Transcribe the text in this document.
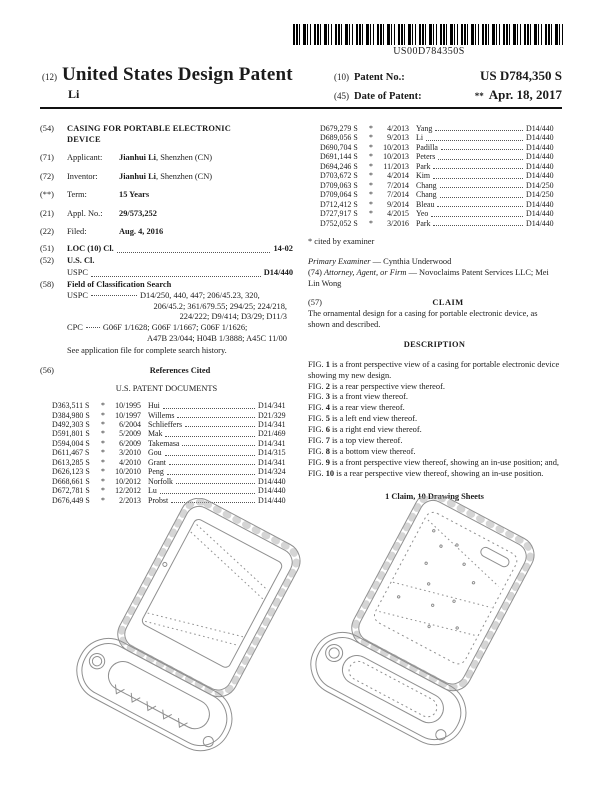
US00D784350S
(12) United States Design Patent
Li
(10) Patent No.:	US D784,350 S
(45) Date of Patent:	** Apr. 18, 2017
(54)	CASING FOR PORTABLE ELECTRONIC DEVICE
(71)	Applicant:	Jianhui Li, Shenzhen (CN)
(72)	Inventor:	Jianhui Li, Shenzhen (CN)
(**)	Term:	15 Years
(21)	Appl. No.:	29/573,252
(22)	Filed:	Aug. 4, 2016
(51)	LOC (10) Cl.	14-02
(52)	U.S. Cl.
USPC	D14/440
(58)	Field of Classification Search
USPC	D14/250, 440, 447; 206/45.23, 320,
206/45.2; 361/679.55; 294/25; 224/218,
224/222; D9/414; D3/29; D11/3
CPC G06F 1/1628; G06F 1/1667; G06F 1/1626;
A47B 23/044; H04B 1/3888; A45C 11/00
See application file for complete search history.
(56)	References Cited
U.S. PATENT DOCUMENTS
D363,511 S	*	10/1995 Hui	D14/341
D384,980 S	*	10/1997 Willems	D21/329
D492,303 S	*	6/2004 Schlieffers	D14/341
D591,801 S	*	5/2009 Mak	D21/469
D594,004 S	*	6/2009 Takemasa	D14/341
D611,467 S	*	3/2010 Gou	D14/315
D613,285 S	*	4/2010 Grant	D14/341
D626,123 S	*	10/2010 Peng	D14/324
D668,661 S	*	10/2012 Norfolk	D14/440
D672,781 S	*	12/2012 Lu	D14/440
D676,449 S	*	2/2013 Probst	D14/440
D679,279 S	*	4/2013 Yang	D14/440
D689,056 S	*	9/2013 Li	D14/440
D690,704 S	*	10/2013 Padilla	D14/440
D691,144 S	*	10/2013 Peters	D14/440
D694,246 S	*	11/2013 Park	D14/440
D703,672 S	*	4/2014 Kim	D14/440
D709,063 S	*	7/2014 Chang	D14/250
D709,064 S	*	7/2014 Chang	D14/250
D712,412 S	*	9/2014 Bleau	D14/440
D727,917 S	*	4/2015 Yeo	D14/440
D752,052 S	*	3/2016 Park	D14/440
* cited by examiner
Primary Examiner — Cynthia Underwood
(74) Attorney, Agent, or Firm — Novoclaims Patent Services LLC; Mei Lin Wong
(57)	CLAIM
The ornamental design for a casing for portable electronic device, as shown and described.
DESCRIPTION
FIG. 1 is a front perspective view of a casing for portable electronic device showing my new design.
FIG. 2 is a rear perspective view thereof.
FIG. 3 is a front view thereof.
FIG. 4 is a rear view thereof.
FIG. 5 is a left end view thereof.
FIG. 6 is a right end view thereof.
FIG. 7 is a top view thereof.
FIG. 8 is a bottom view thereof.
FIG. 9 is a front perspective view thereof, showing an in-use position; and,
FIG. 10 is a rear perspective view thereof, showing an in-use position.
1 Claim, 10 Drawing Sheets
